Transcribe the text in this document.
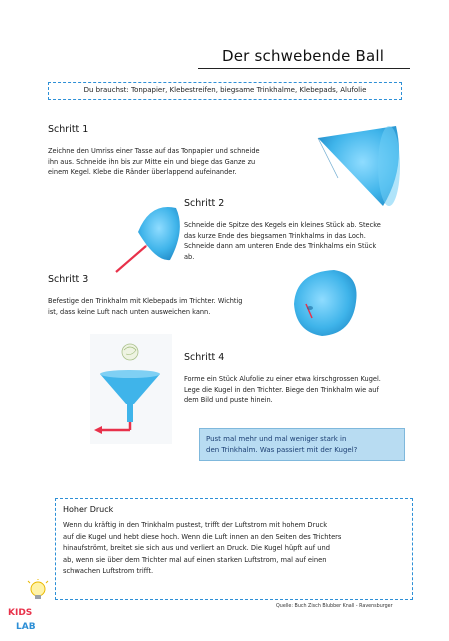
Der schwebende Ball
Du brauchst: Tonpapier, Klebestreifen, biegsame Trinkhalme, Klebepads, Alufolie
Schritt 1
Zeichne den Umriss einer Tasse auf das Tonpapier und schneide
ihn aus. Schneide ihn bis zur Mitte ein und biege das Ganze zu
einem Kegel. Klebe die Ränder überlappend aufeinander.
Schritt 2
Schneide die Spitze des Kegels ein kleines Stück ab. Stecke
das kurze Ende des biegsamen Trinkhalms in das Loch.
Schneide dann am unteren Ende des Trinkhalms ein Stück
ab.
Schritt 3
Befestige den Trinkhalm mit Klebepads im Trichter. Wichtig
ist, dass keine Luft nach unten ausweichen kann.
Schritt 4
Forme ein Stück Alufolie zu einer etwa kirschgrossen Kugel.
Lege die Kugel in den Trichter. Biege den Trinkhalm wie auf
dem Bild und puste hinein.
Pust mal mehr und mal weniger stark in
den Trinkhalm. Was passiert mit der Kugel?
Hoher Druck
Wenn du kräftig in den Trinkhalm pustest, trifft der Luftstrom mit hohem Druck
auf die Kugel und hebt diese hoch. Wenn die Luft innen an den Seiten des Trichters
hinaufströmt, breitet sie sich aus und verliert an Druck. Die Kugel hüpft auf und
ab, wenn sie über dem Trichter mal auf einen starken Luftstrom, mal auf einen
schwachen Luftstrom trifft.
Quelle: Buch Zisch Blubber Knall - Ravensburger
KIDS
LAB
